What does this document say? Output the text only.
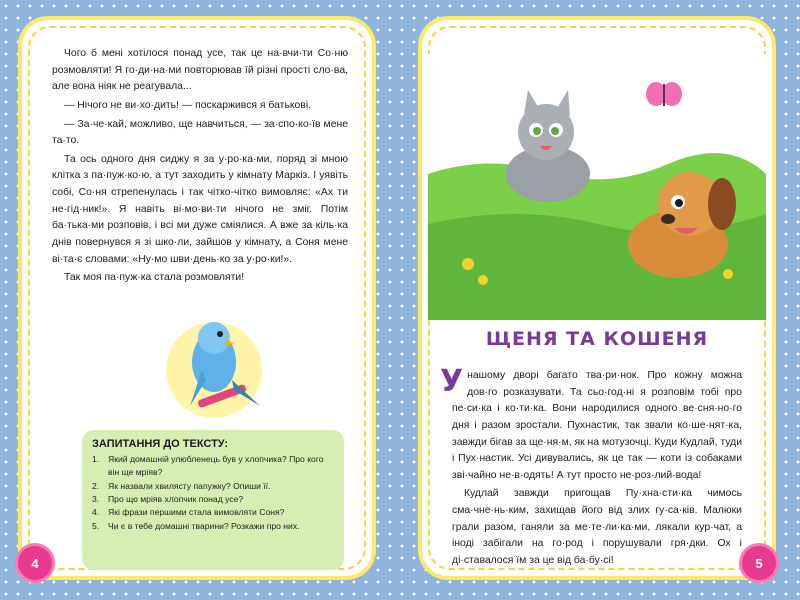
Чого б мені хотілося понад усе, так це на·вчи·ти Со·ню розмовляти! Я го·ди·на·ми повторював їй різні прості сло·ва, але вона ніяк не реагувала...

— Нічого не ви·хо·дить! — поскаржився я батькові.

— За·че·кай, можливо, ще навчиться, — за·спо·ко·їв мене та·то.

Та ось одного дня сиджу я за у·ро·ка·ми, поряд зі мною клітка з па·пуж·ко·ю, а тут заходить у кімнату Маркіз. І уявіть собі, Со·ня стрепенулась і так чітко-чітко вимовляє: «Ах ти не·гід·ник!». Я навіть ві·мо·ви·ти нічого не зміг. Потім ба·тька·ми розповів, і всі ми дуже сміялися. А вже за кіль·ка днів повернувся я зі шко·ли, зайшов у кімнату, а Соня мене ві·та·є словами: «Ну·мо шви·день·ко за у·ро·ки!».

Так моя па·пуж·ка стала розмовляти!

ЗАПИТАННЯ ДО ТЕКСТУ:
1.	Який домашній улюбленець був у хлопчика? Про кого він ще мріяв?
2.	Як назвали хвилясту папужку? Опиши її.
3.	Про що мріяв хлопчик понад усе?
4.	Які фрази першими стала вимовляти Соня?
5.	Чи є в тебе домашні тварини? Розкажи про них.
4
ЩЕНЯ ТА КОШЕНЯ
У нашому дворі багато тва·ри·нок. Про кожну можна дов·го розказувати. Та сьо·год·ні я розповім тобі про пе·си·ка і ко·ти·ка. Вони народилися одного ве·сня·но·го дня і разом зростали. Пухнастик, так звали ко·ше·нят·ка, завжди бігав за ще·ня·м, як на мотузочці. Куди Кудлай, туди і Пух·настик. Усі дивувались, як це так — коти із собаками зві·чайно не·в·одять! А тут просто не·роз·лий·вода!

Кудлай завжди пригощав Пу·хна·сти·ка чимось сма·чне·нь·ким, захищав його від злих гу·са·ків. Малюки грали разом, ганяли за ме·те·ли·ка·ми, лякали кур·чат, а іноді забігали на го·род і порушували гря·дки. Ох і ді·ставалося їм за це від ба·бу·сі!	5
